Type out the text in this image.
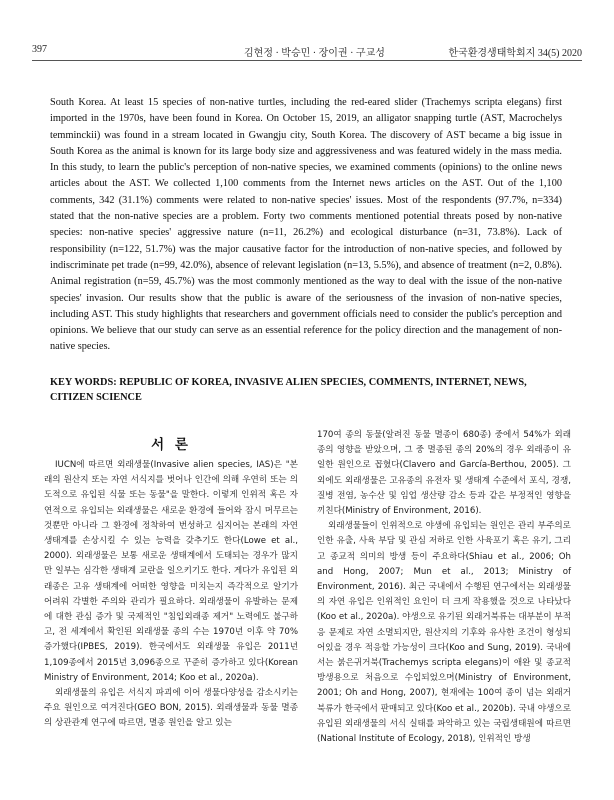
397	김현정 · 박승민 · 장이권 · 구교성	한국환경생태학회지 34(5) 2020

South Korea. At least 15 species of non-native turtles, including the red-eared slider (Trachemys scripta elegans) first imported in the 1970s, have been found in Korea. On October 15, 2019, an alligator snapping turtle (AST, Macrochelys temminckii) was found in a stream located in Gwangju city, South Korea. The discovery of AST became a big issue in South Korea as the animal is known for its large body size and aggressiveness and was featured widely in the mass media. In this study, to learn the public's perception of non-native species, we examined comments (opinions) to the online news articles about the AST. We collected 1,100 comments from the Internet news articles on the AST. Out of the 1,100 comments, 342 (31.1%) comments were related to non-native species' issues. Most of the respondents (97.7%, n=334) stated that the non-native species are a problem. Forty two comments mentioned potential threats posed by non-native species: non-native species' aggressive nature (n=11, 26.2%) and ecological disturbance (n=31, 73.8%). Lack of responsibility (n=122, 51.7%) was the major causative factor for the introduction of non-native species, and followed by indiscriminate pet trade (n=99, 42.0%), absence of relevant legislation (n=13, 5.5%), and absence of treatment (n=2, 0.8%). Animal registration (n=59, 45.7%) was the most commonly mentioned as the way to deal with the issue of the non-native species' invasion. Our results show that the public is aware of the seriousness of the invasion of non-native species, including AST. This study highlights that researchers and government officials need to consider the public's perception and opinions. We believe that our study can serve as an essential reference for the policy direction and the management of non-native species.

KEY WORDS: REPUBLIC OF KOREA, INVASIVE ALIEN SPECIES, COMMENTS, INTERNET, NEWS, CITIZEN SCIENCE
서 론

IUCN에 따르면 외래생물(Invasive alien species, IAS)은 "본래의 원산지 또는 자연 서식지를 벗어나 인간에 의해 우연히 또는 의도적으로 유입된 식물 또는 동물"을 말한다. 이렇게 인위적 혹은 자연적으로 유입되는 외래생물은 새로운 환경에 들어와 잠시 머무르는 것뿐만 아니라 그 환경에 정착하여 번성하고 심지어는 본래의 자연 생태계를 손상시킬 수 있는 능력을 갖추기도 한다(Lowe et al., 2000). 외래생물은 보통 새로운 생태계에서 도태되는 경우가 많지만 일부는 심각한 생태계 교란을 일으키기도 한다. 게다가 유입된 외래종은 고유 생태계에 어떠한 영향을 미치는지 즉각적으로 알기가 어려워 각별한 주의와 관리가 필요하다. 외래생물이 유발하는 문제에 대한 관심 증가 및 국제적인 "침입외래종 제거" 노력에도 불구하고, 전 세계에서 확인된 외래생물 종의 수는 1970년 이후 약 70% 증가했다(IPBES, 2019). 한국에서도 외래생물 유입은 2011년 1,109종에서 2015년 3,096종으로 꾸준히 증가하고 있다(Korean Ministry of Environment, 2014; Koo et al., 2020a).

외래생물의 유입은 서식지 파괴에 이어 생물다양성을 감소시키는 주요 원인으로 여겨진다(GEO BON, 2015). 외래생물과 동물 멸종의 상관관계 연구에 따르면, 멸종 원인을 알고 있는

170여 종의 동물(알려진 동물 멸종이 680종) 중에서 54%가 외래종의 영향을 받았으며, 그 중 멸종된 종의 20%의 경우 외래종이 유일한 원인으로 꼽혔다(Clavero and García-Berthou, 2005). 그 외에도 외래생물은 고유종의 유전자 및 생태계 수준에서 포식, 경쟁, 질병 전염, 농수산 및 임업 생산량 감소 등과 같은 부정적인 영향을 끼친다(Ministry of Environment, 2016).

외래생물들이 인위적으로 야생에 유입되는 원인은 관리 부주의로 인한 유출, 사육 부담 및 관심 저하로 인한 사육포기 혹은 유기, 그리고 종교적 의미의 방생 등이 주요하다(Shiau et al., 2006; Oh and Hong, 2007; Mun et al., 2013; Ministry of Environment, 2016). 최근 국내에서 수행된 연구에서는 외래생물의 자연 유입은 인위적인 요인이 더 크게 작용했을 것으로 나타났다(Koo et al., 2020a). 야생으로 유기된 외래거북류는 대부분이 부적응 문제로 자연 소멸되지만, 원산지의 기후와 유사한 조건이 형성되어있을 경우 적응할 가능성이 크다(Koo and Sung, 2019). 국내에서는 붉은귀거북(Trachemys scripta elegans)이 애완 및 종교적 방생용으로 처음으로 수입되었으며(Ministry of Environment, 2001; Oh and Hong, 2007), 현재에는 100여 종이 넘는 외래거북류가 한국에서 판매되고 있다(Koo et al., 2020b). 국내 야생으로 유입된 외래생물의 서식 실태를 파악하고 있는 국립생태원에 따르면(National Institute of Ecology, 2018), 인위적인 방생
